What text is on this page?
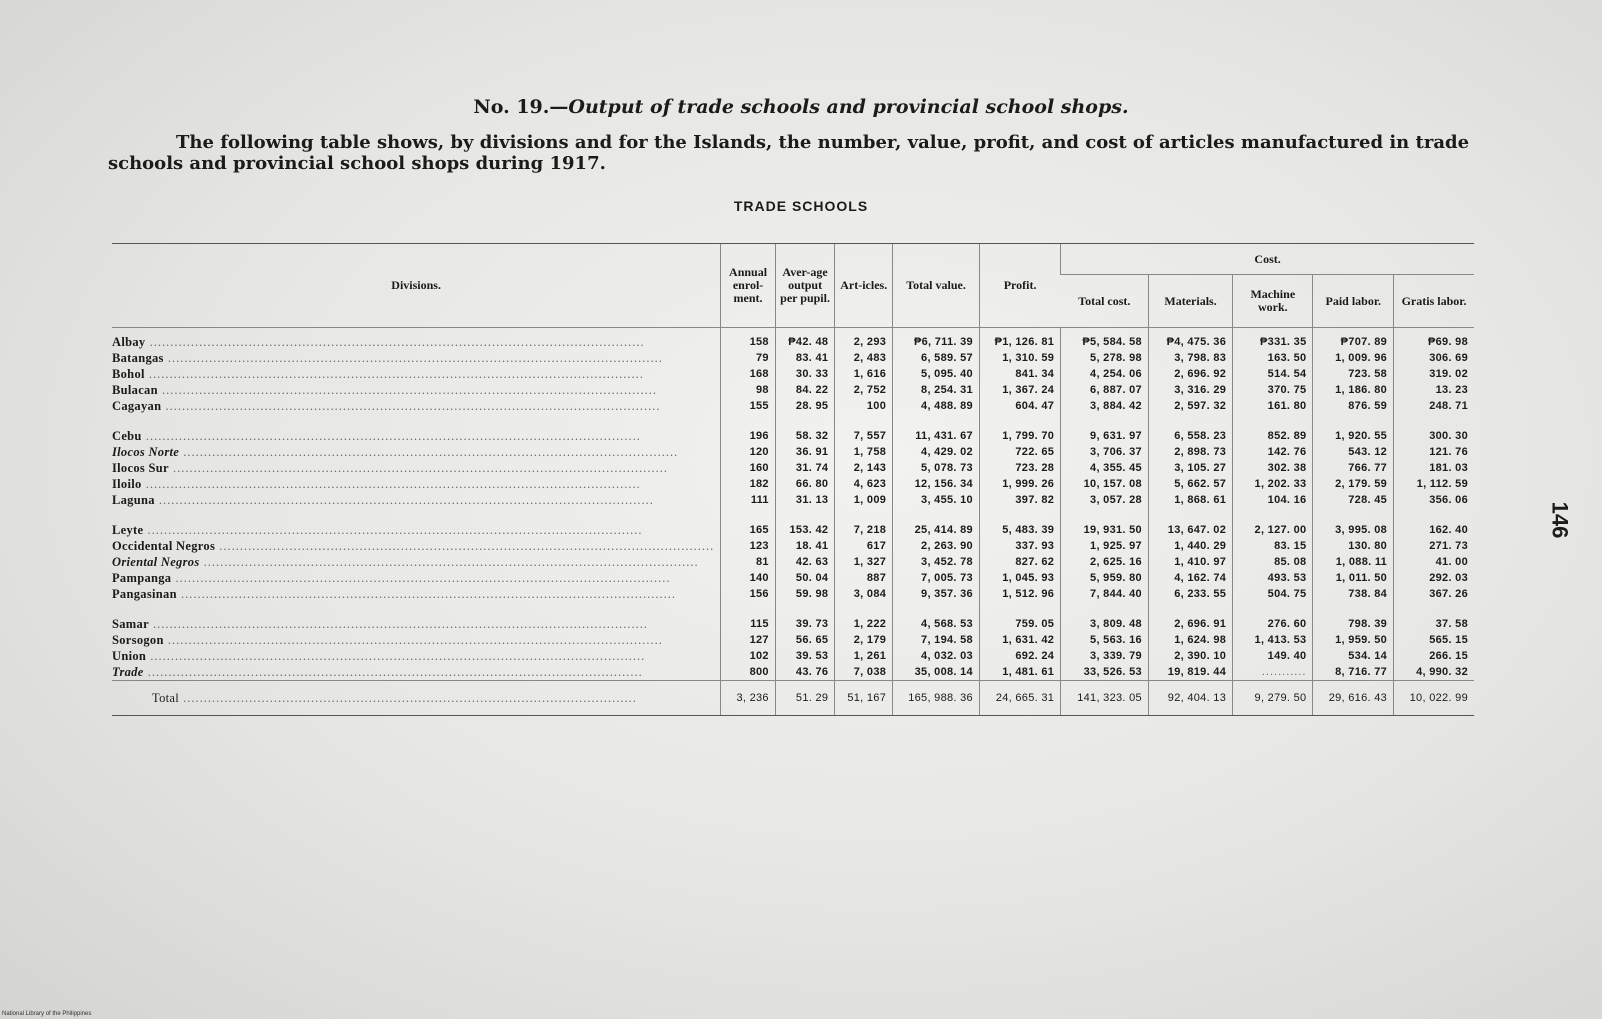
No. 19.—Output of trade schools and provincial school shops.
The following table shows, by divisions and for the Islands, the number, value, profit, and cost of articles manufactured in trade schools and provincial school shops during 1917.
TRADE SCHOOLS
Divisions.	Annual enrol-ment.	Aver-age output per pupil.	Art-icles.	Total value.	Profit.	Cost.				
						Total cost.	Materials.	Machine work.	Paid labor.	Gratis labor.
Albay ........................................................................................................................	158	₱42. 48	2, 293	₱6, 711. 39	₱1, 126. 81	₱5, 584. 58	₱4, 475. 36	₱331. 35	₱707. 89	₱69. 98
Batangas ........................................................................................................................	79	83. 41	2, 483	6, 589. 57	1, 310. 59	5, 278. 98	3, 798. 83	163. 50	1, 009. 96	306. 69
Bohol ........................................................................................................................	168	30. 33	1, 616	5, 095. 40	841. 34	4, 254. 06	2, 696. 92	514. 54	723. 58	319. 02
Bulacan ........................................................................................................................	98	84. 22	2, 752	8, 254. 31	1, 367. 24	6, 887. 07	3, 316. 29	370. 75	1, 186. 80	13. 23
Cagayan ........................................................................................................................	155	28. 95	100	4, 488. 89	604. 47	3, 884. 42	2, 597. 32	161. 80	876. 59	248. 71

Cebu ........................................................................................................................	196	58. 32	7, 557	11, 431. 67	1, 799. 70	9, 631. 97	6, 558. 23	852. 89	1, 920. 55	300. 30
Ilocos Norte ........................................................................................................................	120	36. 91	1, 758	4, 429. 02	722. 65	3, 706. 37	2, 898. 73	142. 76	543. 12	121. 76
Ilocos Sur ........................................................................................................................	160	31. 74	2, 143	5, 078. 73	723. 28	4, 355. 45	3, 105. 27	302. 38	766. 77	181. 03
Iloilo ........................................................................................................................	182	66. 80	4, 623	12, 156. 34	1, 999. 26	10, 157. 08	5, 662. 57	1, 202. 33	2, 179. 59	1, 112. 59
Laguna ........................................................................................................................	111	31. 13	1, 009	3, 455. 10	397. 82	3, 057. 28	1, 868. 61	104. 16	728. 45	356. 06

Leyte ........................................................................................................................	165	153. 42	7, 218	25, 414. 89	5, 483. 39	19, 931. 50	13, 647. 02	2, 127. 00	3, 995. 08	162. 40
Occidental Negros ........................................................................................................................	123	18. 41	617	2, 263. 90	337. 93	1, 925. 97	1, 440. 29	83. 15	130. 80	271. 73
Oriental Negros ........................................................................................................................	81	42. 63	1, 327	3, 452. 78	827. 62	2, 625. 16	1, 410. 97	85. 08	1, 088. 11	41. 00
Pampanga ........................................................................................................................	140	50. 04	887	7, 005. 73	1, 045. 93	5, 959. 80	4, 162. 74	493. 53	1, 011. 50	292. 03
Pangasinan ........................................................................................................................	156	59. 98	3, 084	9, 357. 36	1, 512. 96	7, 844. 40	6, 233. 55	504. 75	738. 84	367. 26

Samar ........................................................................................................................	115	39. 73	1, 222	4, 568. 53	759. 05	3, 809. 48	2, 696. 91	276. 60	798. 39	37. 58
Sorsogon ........................................................................................................................	127	56. 65	2, 179	7, 194. 58	1, 631. 42	5, 563. 16	1, 624. 98	1, 413. 53	1, 959. 50	565. 15
Union ........................................................................................................................	102	39. 53	1, 261	4, 032. 03	692. 24	3, 339. 79	2, 390. 10	149. 40	534. 14	266. 15
Trade ........................................................................................................................	800	43. 76	7, 038	35, 008. 14	1, 481. 61	33, 526. 53	19, 819. 44	...........	8, 716. 77	4, 990. 32
Total ..............................................................................................................	3, 236	51. 29	51, 167	165, 988. 36	24, 665. 31	141, 323. 05	92, 404. 13	9, 279. 50	29, 616. 43	10, 022. 99
146
National Library of the Philippines
